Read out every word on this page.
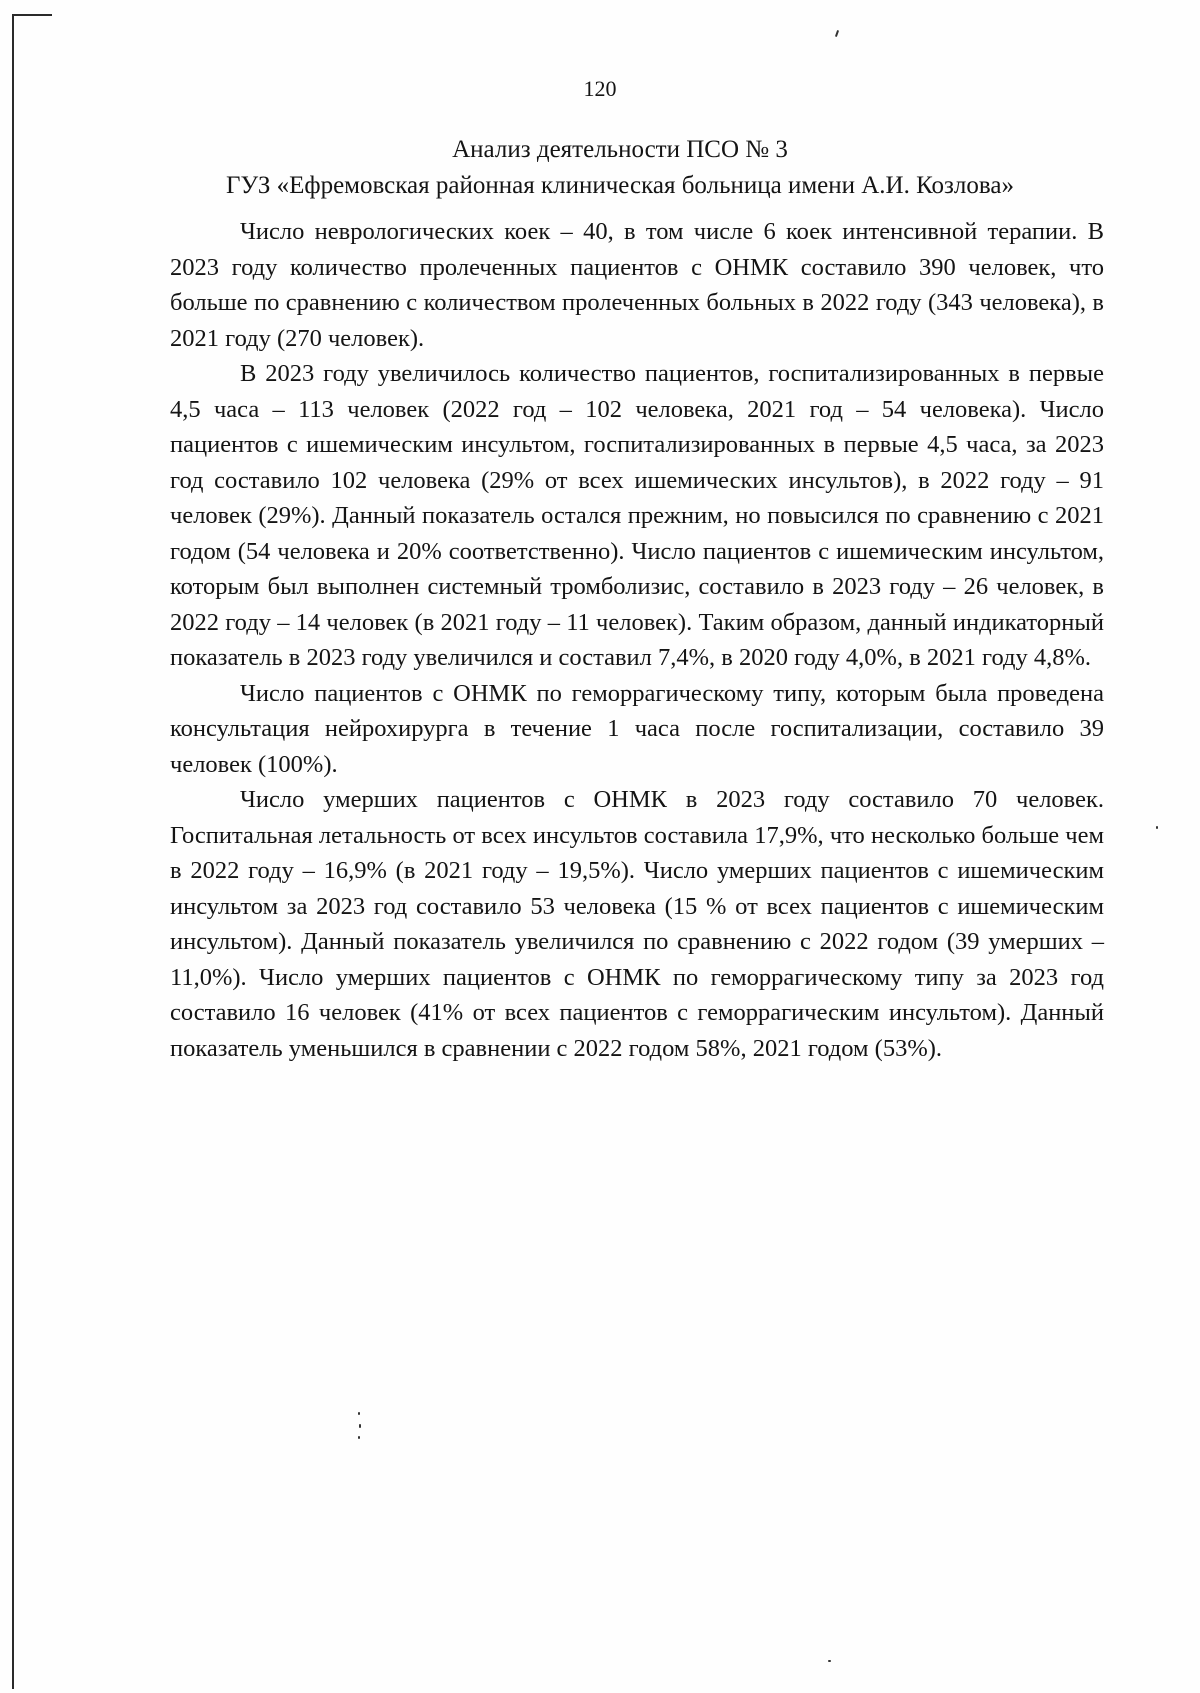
120
Анализ деятельности ПСО № 3
ГУЗ «Ефремовская районная клиническая больница имени А.И. Козлова»

Число неврологических коек – 40, в том числе 6 коек интенсивной терапии. В 2023 году количество пролеченных пациентов с ОНМК составило 390 человек, что больше по сравнению с количеством пролеченных больных в 2022 году (343 человека), в 2021 году (270 человек).

В 2023 году увеличилось количество пациентов, госпитализированных в первые 4,5 часа – 113 человек (2022 год – 102 человека, 2021 год – 54 человека). Число пациентов с ишемическим инсультом, госпитализированных в первые 4,5 часа, за 2023 год составило 102 человека (29% от всех ишемических инсультов), в 2022 году – 91 человек (29%). Данный показатель остался прежним, но повысился по сравнению с 2021 годом (54 человека и 20% соответственно). Число пациентов с ишемическим инсультом, которым был выполнен системный тромболизис, составило в 2023 году – 26 человек, в 2022 году – 14 человек (в 2021 году – 11 человек). Таким образом, данный индикаторный показатель в 2023 году увеличился и составил 7,4%, в 2020 году 4,0%, в 2021 году 4,8%.

Число пациентов с ОНМК по геморрагическому типу, которым была проведена консультация нейрохирурга в течение 1 часа после госпитализации, составило 39 человек (100%).

Число умерших пациентов с ОНМК в 2023 году составило 70 человек. Госпитальная летальность от всех инсультов составила 17,9%, что несколько больше чем в 2022 году – 16,9% (в 2021 году – 19,5%). Число умерших пациентов с ишемическим инсультом за 2023 год составило 53 человека (15 % от всех пациентов с ишемическим инсультом). Данный показатель увеличился по сравнению с 2022 годом (39 умерших – 11,0%). Число умерших пациентов с ОНМК по геморрагическому типу за 2023 год составило 16 человек (41% от всех пациентов с геморрагическим инсультом). Данный показатель уменьшился в сравнении с 2022 годом 58%, 2021 годом (53%).
